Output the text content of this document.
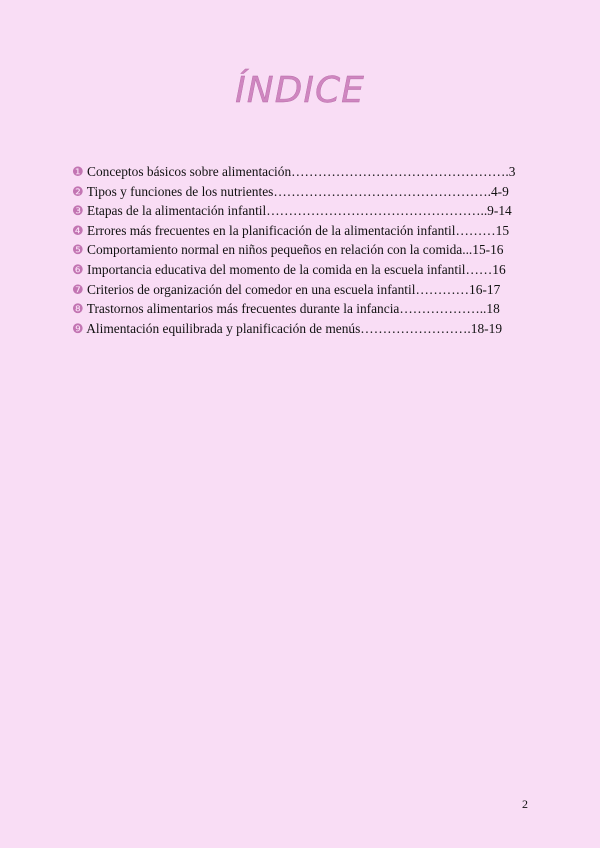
ÍNDICE
❶ Conceptos básicos sobre alimentación………………………………………….3
❷ Tipos y funciones de los nutrientes………………………………………….4-9
❸ Etapas de la alimentación infantil…………………………………………..9-14
❹ Errores más frecuentes en la planificación de la alimentación infantil………15
❺ Comportamiento normal en niños pequeños en relación con la comida...15-16
❻ Importancia educativa del momento de la comida en la escuela infantil……16
❼ Criterios de organización del comedor en una escuela infantil…………16-17
❽ Trastornos alimentarios más frecuentes durante la infancia………………..18
❾ Alimentación equilibrada y planificación de menús…………………….18-19
2
